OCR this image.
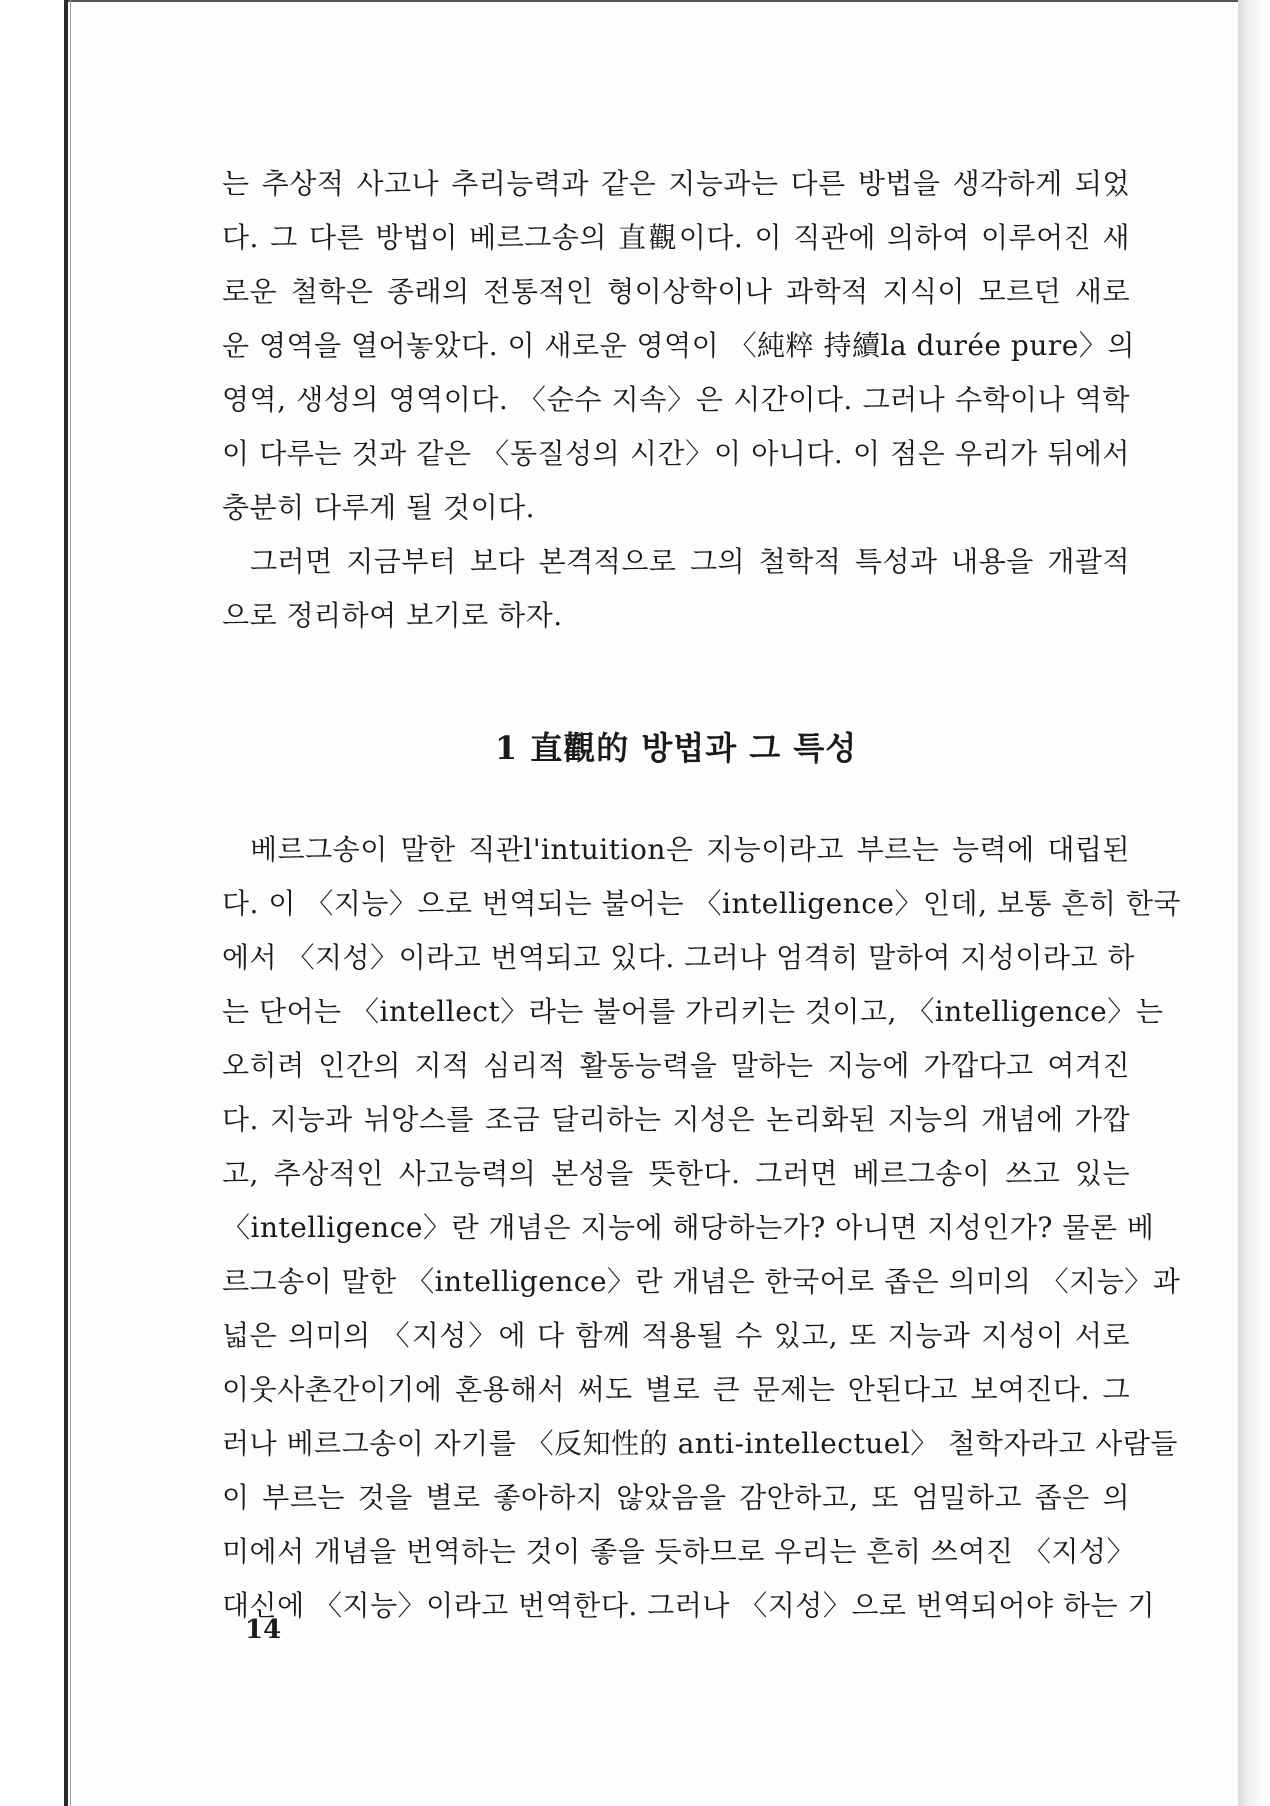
는 추상적 사고나 추리능력과 같은 지능과는 다른 방법을 생각하게 되었
다. 그 다른 방법이 베르그송의 直觀이다. 이 직관에 의하여 이루어진 새
로운 철학은 종래의 전통적인 형이상학이나 과학적 지식이 모르던 새로
운 영역을 열어놓았다. 이 새로운 영역이 〈純粹 持續la durée pure〉의
영역, 생성의 영역이다. 〈순수 지속〉은 시간이다. 그러나 수학이나 역학
이 다루는 것과 같은 〈동질성의 시간〉이 아니다. 이 점은 우리가 뒤에서
충분히 다루게 될 것이다.
그러면 지금부터 보다 본격적으로 그의 철학적 특성과 내용을 개괄적
으로 정리하여 보기로 하자.
1 直觀的 방법과 그 특성
베르그송이 말한 직관l'intuition은 지능이라고 부르는 능력에 대립된
다. 이 〈지능〉으로 번역되는 불어는 〈intelligence〉인데, 보통 흔히 한국
에서 〈지성〉이라고 번역되고 있다. 그러나 엄격히 말하여 지성이라고 하
는 단어는 〈intellect〉라는 불어를 가리키는 것이고, 〈intelligence〉는
오히려 인간의 지적 심리적 활동능력을 말하는 지능에 가깝다고 여겨진
다. 지능과 뉘앙스를 조금 달리하는 지성은 논리화된 지능의 개념에 가깝
고, 추상적인 사고능력의 본성을 뜻한다. 그러면 베르그송이 쓰고 있는
〈intelligence〉란 개념은 지능에 해당하는가? 아니면 지성인가? 물론 베
르그송이 말한 〈intelligence〉란 개념은 한국어로 좁은 의미의 〈지능〉과
넓은 의미의 〈지성〉에 다 함께 적용될 수 있고, 또 지능과 지성이 서로
이웃사촌간이기에 혼용해서 써도 별로 큰 문제는 안된다고 보여진다. 그
러나 베르그송이 자기를 〈反知性的 anti-intellectuel〉 철학자라고 사람들
이 부르는 것을 별로 좋아하지 않았음을 감안하고, 또 엄밀하고 좁은 의
미에서 개념을 번역하는 것이 좋을 듯하므로 우리는 흔히 쓰여진 〈지성〉
대신에 〈지능〉이라고 번역한다. 그러나 〈지성〉으로 번역되어야 하는 기
14
